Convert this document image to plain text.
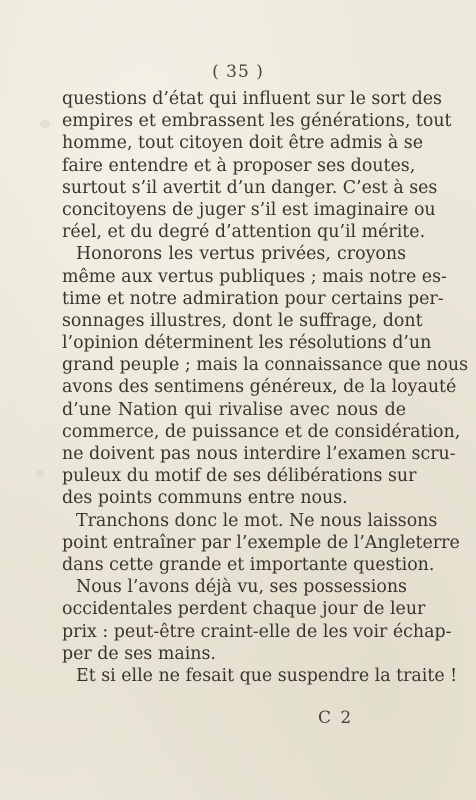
( 35 )
questions d’état qui influent sur le sort des
empires et embrassent les générations, tout
homme, tout citoyen doit être admis à se
faire entendre et à proposer ses doutes,
surtout s’il avertit d’un danger. C’est à ses
concitoyens de juger s’il est imaginaire ou
réel, et du degré d’attention qu’il mérite.
Honorons les vertus privées, croyons
même aux vertus publiques ; mais notre es-
time et notre admiration pour certains per-
sonnages illustres, dont le suffrage, dont
l’opinion déterminent les résolutions d’un
grand peuple ; mais la connaissance que nous
avons des sentimens généreux, de la loyauté
d’une Nation qui rivalise avec nous de
commerce, de puissance et de considération,
ne doivent pas nous interdire l’examen scru-
puleux du motif de ses délibérations sur
des points communs entre nous.
Tranchons donc le mot. Ne nous laissons
point entraîner par l’exemple de l’Angleterre
dans cette grande et importante question.
Nous l’avons déjà vu, ses possessions
occidentales perdent chaque jour de leur
prix : peut-être craint-elle de les voir échap-
per de ses mains.
Et si elle ne fesait que suspendre la traite !
C 2
